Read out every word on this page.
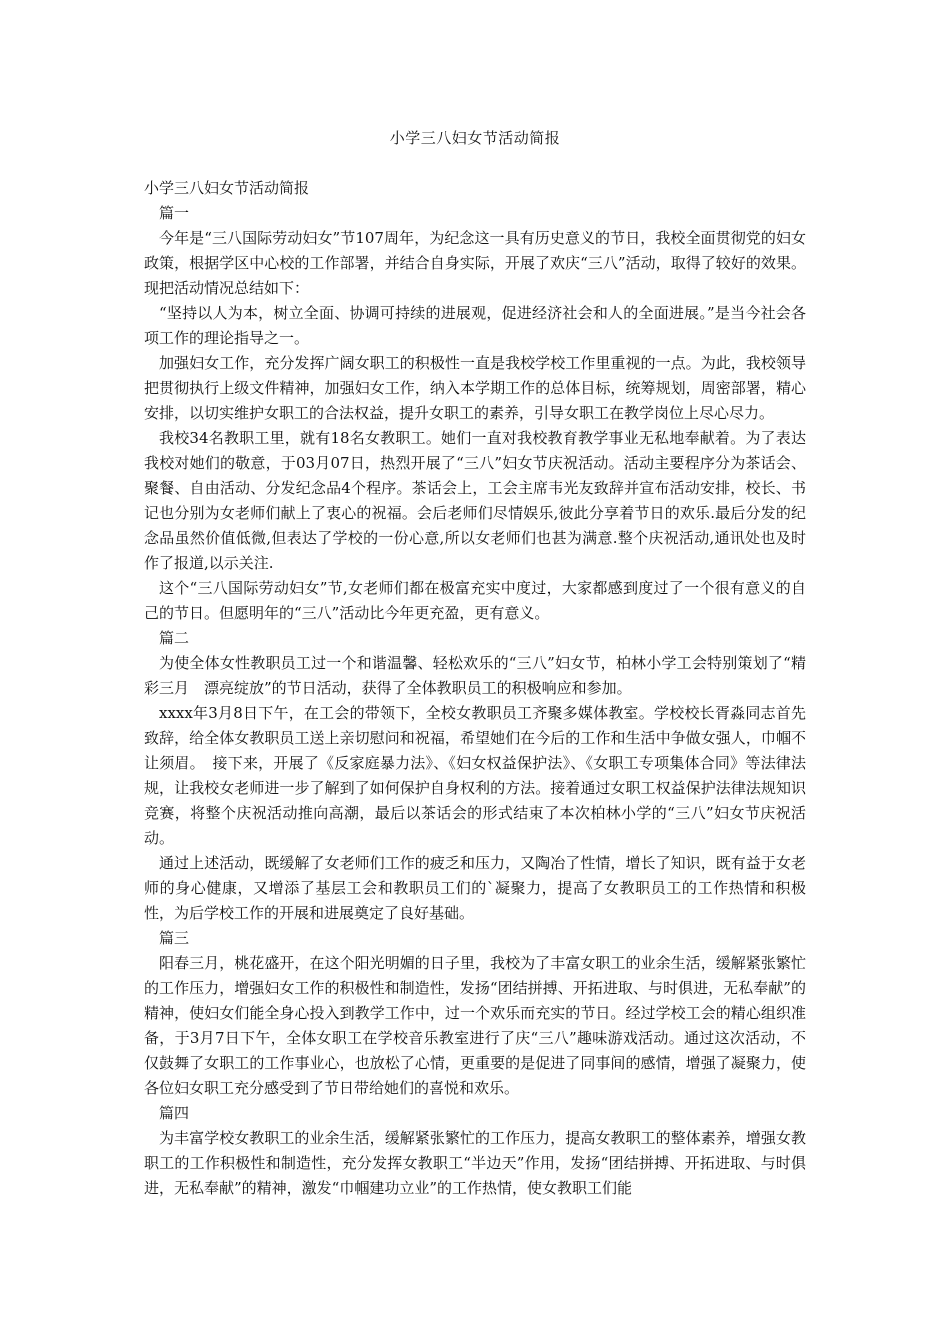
小学三八妇女节活动简报

小学三八妇女节活动简报

篇一

今年是“三八国际劳动妇女”节107周年，为纪念这一具有历史意义的节日，我校全面贯彻党的妇女政策，根据学区中心校的工作部署，并结合自身实际，开展了欢庆“三八”活动，取得了较好的效果。现把活动情况总结如下：

“坚持以人为本，树立全面、协调可持续的进展观，促进经济社会和人的全面进展。”是当今社会各项工作的理论指导之一。

加强妇女工作，充分发挥广阔女职工的积极性一直是我校学校工作里重视的一点。为此，我校领导把贯彻执行上级文件精神，加强妇女工作，纳入本学期工作的总体目标，统筹规划，周密部署，精心安排，以切实维护女职工的合法权益，提升女职工的素养，引导女职工在教学岗位上尽心尽力。

我校34名教职工里，就有18名女教职工。她们一直对我校教育教学事业无私地奉献着。为了表达我校对她们的敬意，于03月07日，热烈开展了“三八”妇女节庆祝活动。活动主要程序分为茶话会、聚餐、自由活动、分发纪念品4个程序。茶话会上，工会主席韦光友致辞并宣布活动安排，校长、书记也分别为女老师们献上了衷心的祝福。会后老师们尽情娱乐,彼此分享着节日的欢乐.最后分发的纪念品虽然价值低微,但表达了学校的一份心意,所以女老师们也甚为满意.整个庆祝活动,通讯处也及时作了报道,以示关注.

这个“三八国际劳动妇女”节,女老师们都在极富充实中度过，大家都感到度过了一个很有意义的自己的节日。但愿明年的“三八”活动比今年更充盈，更有意义。

篇二

为使全体女性教职员工过一个和谐温馨、轻松欢乐的“三八”妇女节，柏林小学工会特别策划了“精彩三月　漂亮绽放”的节日活动，获得了全体教职员工的积极响应和参加。

xxxx年3月8日下午，在工会的带领下，全校女教职员工齐聚多媒体教室。学校校长胥淼同志首先致辞，给全体女教职员工送上亲切慰问和祝福，希望她们在今后的工作和生活中争做女强人，巾帼不让须眉。　接下来，开展了《反家庭暴力法》、《妇女权益保护法》、《女职工专项集体合同》等法律法规，让我校女老师进一步了解到了如何保护自身权利的方法。接着通过女职工权益保护法律法规知识竞赛，将整个庆祝活动推向高潮，最后以茶话会的形式结束了本次柏林小学的“三八”妇女节庆祝活动。

通过上述活动，既缓解了女老师们工作的疲乏和压力，又陶冶了性情，增长了知识，既有益于女老师的身心健康，又增添了基层工会和教职员工们的`凝聚力，提高了女教职员工的工作热情和积极性，为后学校工作的开展和进展奠定了良好基础。

篇三

阳春三月，桃花盛开，在这个阳光明媚的日子里，我校为了丰富女职工的业余生活，缓解紧张繁忙的工作压力，增强妇女工作的积极性和制造性，发扬“团结拼搏、开拓进取、与时俱进，无私奉献”的精神，使妇女们能全身心投入到教学工作中，过一个欢乐而充实的节日。经过学校工会的精心组织准备，于3月7日下午，全体女职工在学校音乐教室进行了庆“三八”趣味游戏活动。通过这次活动，不仅鼓舞了女职工的工作事业心，也放松了心情，更重要的是促进了同事间的感情，增强了凝聚力，使各位妇女职工充分感受到了节日带给她们的喜悦和欢乐。

篇四

为丰富学校女教职工的业余生活，缓解紧张繁忙的工作压力，提高女教职工的整体素养，增强女教职工的工作积极性和制造性，充分发挥女教职工“半边天”作用，发扬“团结拼搏、开拓进取、与时俱进，无私奉献”的精神，激发“巾帼建功立业”的工作热情，使女教职工们能
